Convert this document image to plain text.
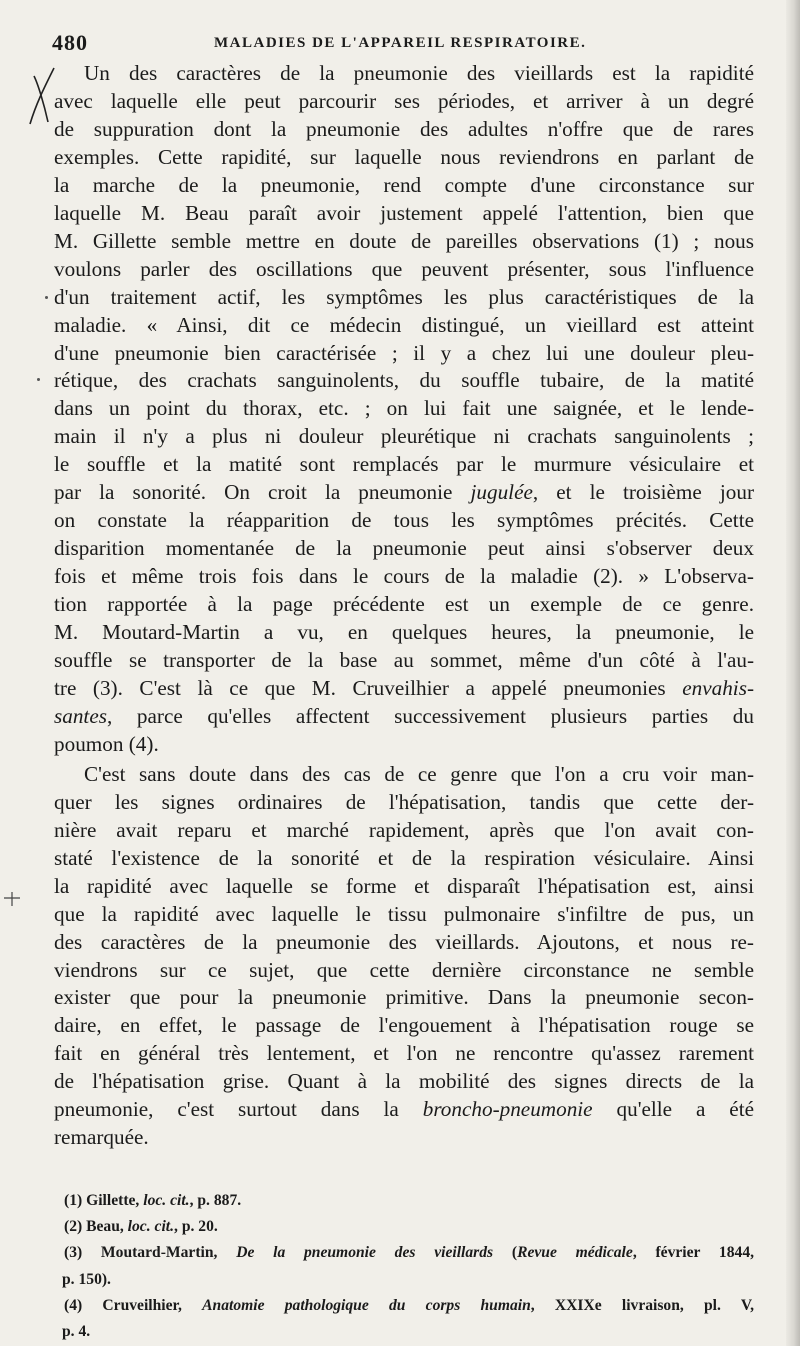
480	MALADIES DE L'APPAREIL RESPIRATOIRE.
Un des caractères de la pneumonie des vieillards est la rapidité
avec laquelle elle peut parcourir ses périodes, et arriver à un degré
de suppuration dont la pneumonie des adultes n'offre que de rares
exemples. Cette rapidité, sur laquelle nous reviendrons en parlant de
la marche de la pneumonie, rend compte d'une circonstance sur
laquelle M. Beau paraît avoir justement appelé l'attention, bien que
M. Gillette semble mettre en doute de pareilles observations (1) ; nous
voulons parler des oscillations que peuvent présenter, sous l'influence
d'un traitement actif, les symptômes les plus caractéristiques de la
maladie. « Ainsi, dit ce médecin distingué, un vieillard est atteint
d'une pneumonie bien caractérisée ; il y a chez lui une douleur pleu-
rétique, des crachats sanguinolents, du souffle tubaire, de la matité
dans un point du thorax, etc. ; on lui fait une saignée, et le lende-
main il n'y a plus ni douleur pleurétique ni crachats sanguinolents ;
le souffle et la matité sont remplacés par le murmure vésiculaire et
par la sonorité. On croit la pneumonie jugulée, et le troisième jour
on constate la réapparition de tous les symptômes précités. Cette
disparition momentanée de la pneumonie peut ainsi s'observer deux
fois et même trois fois dans le cours de la maladie (2). » L'observa-
tion rapportée à la page précédente est un exemple de ce genre.
M. Moutard-Martin a vu, en quelques heures, la pneumonie, le
souffle se transporter de la base au sommet, même d'un côté à l'au-
tre (3). C'est là ce que M. Cruveilhier a appelé pneumonies envahis-
santes, parce qu'elles affectent successivement plusieurs parties du
poumon (4).
C'est sans doute dans des cas de ce genre que l'on a cru voir man-
quer les signes ordinaires de l'hépatisation, tandis que cette der-
nière avait reparu et marché rapidement, après que l'on avait con-
staté l'existence de la sonorité et de la respiration vésiculaire. Ainsi
la rapidité avec laquelle se forme et disparaît l'hépatisation est, ainsi
que la rapidité avec laquelle le tissu pulmonaire s'infiltre de pus, un
des caractères de la pneumonie des vieillards. Ajoutons, et nous re-
viendrons sur ce sujet, que cette dernière circonstance ne semble
exister que pour la pneumonie primitive. Dans la pneumonie secon-
daire, en effet, le passage de l'engouement à l'hépatisation rouge se
fait en général très lentement, et l'on ne rencontre qu'assez rarement
de l'hépatisation grise. Quant à la mobilité des signes directs de la
pneumonie, c'est surtout dans la broncho-pneumonie qu'elle a été
remarquée.
(1) Gillette, loc. cit., p. 887.
(2) Beau, loc. cit., p. 20.
(3) Moutard-Martin, De la pneumonie des vieillards (Revue médicale, février 1844,
p. 150).
(4) Cruveilhier, Anatomie pathologique du corps humain, XXIXe livraison, pl. V,
p. 4.
